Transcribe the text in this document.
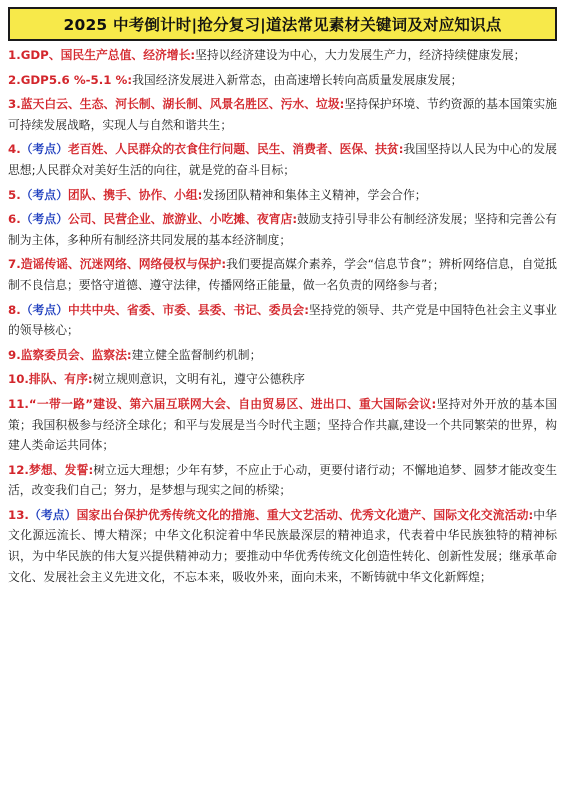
2025 中考倒计时|抢分复习|道法常见素材关键词及对应知识点
1.GDP、国民生产总值、经济增长:坚持以经济建设为中心，大力发展生产力，经济持续健康发展；
2.GDP5.6 %-5.1 %:我国经济发展进入新常态，由高速增长转向高质量发展康发展；
3.蓝天白云、生态、河长制、湖长制、风景名胜区、污水、垃圾:坚持保护环境、节约资源的基本国策实施可持续发展战略，实现人与自然和谐共生；
4.（考点）老百姓、人民群众的衣食住行问题、民生、消费者、医保、扶贫:我国坚持以人民为中心的发展思想;人民群众对美好生活的向往，就是党的奋斗目标；
5.（考点）团队、携手、协作、小组:发扬团队精神和集体主义精神，学会合作；
6.（考点）公司、民营企业、旅游业、小吃摊、夜宵店:鼓励支持引导非公有制经济发展；坚持和完善公有制为主体，多种所有制经济共同发展的基本经济制度；
7.造谣传谣、沉迷网络、网络侵权与保护:我们要提高媒介素养，学会“信息节食”；辨析网络信息，自觉抵制不良信息；要恪守道德、遵守法律，传播网络正能量，做一名负责的网络参与者；
8.（考点）中共中央、省委、市委、县委、书记、委员会:坚持党的领导、共产党是中国特色社会主义事业的领导核心；
9.监察委员会、监察法:建立健全监督制约机制；
10.排队、有序:树立规则意识，文明有礼，遵守公德秩序
11.“一带一路”建设、第六届互联网大会、自由贸易区、进出口、重大国际会议:坚持对外开放的基本国策；我国积极参与经济全球化；和平与发展是当今时代主题；坚持合作共赢,建设一个共同繁荣的世界，构建人类命运共同体；
12.梦想、发誓:树立远大理想；少年有梦，不应止于心动，更要付诸行动；不懈地追梦、圆梦才能改变生活，改变我们自己；努力，是梦想与现实之间的桥梁；
13.（考点）国家出台保护优秀传统文化的措施、重大文艺活动、优秀文化遗产、国际文化交流活动:中华文化源远流长、博大精深；中华文化积淀着中华民族最深层的精神追求，代表着中华民族独特的精神标识，为中华民族的伟大复兴提供精神动力；要推动中华优秀传统文化创造性转化、创新性发展；继承革命文化、发展社会主义先进文化，不忘本来，吸收外来，面向未来，不断铸就中华文化新辉煌；
